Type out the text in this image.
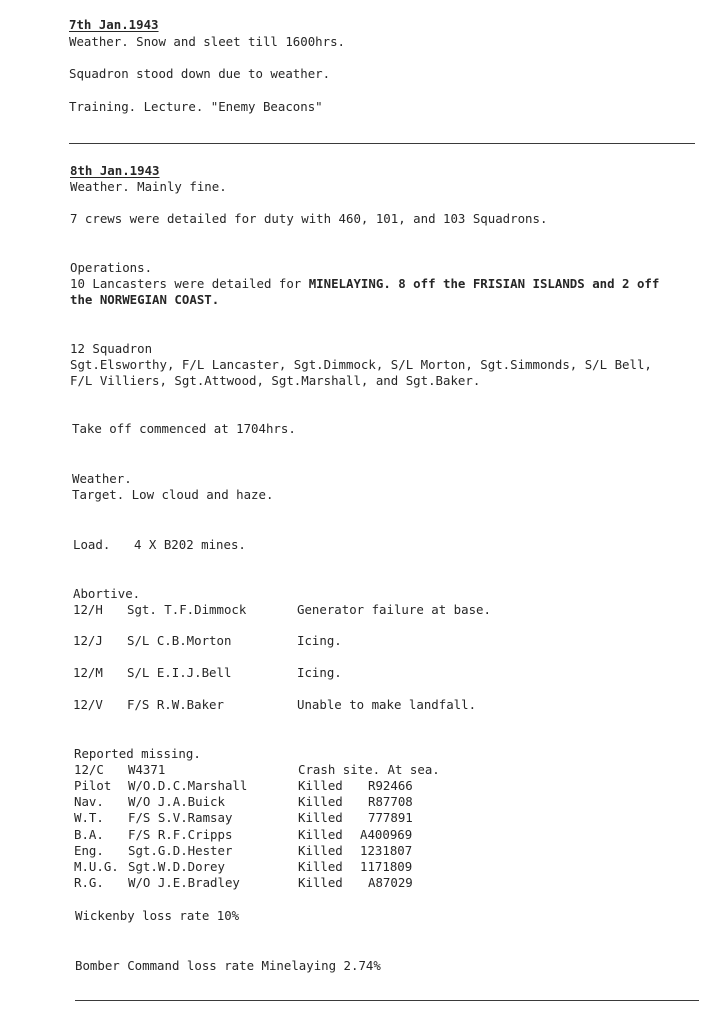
7th Jan.1943
Weather. Snow and sleet till 1600hrs.
Squadron stood down due to weather.
Training. Lecture. "Enemy Beacons"
8th Jan.1943
Weather. Mainly fine.
7 crews were detailed for duty with 460, 101, and 103 Squadrons.
Operations.
10 Lancasters were detailed for MINELAYING. 8 off the FRISIAN ISLANDS and 2 off
the NORWEGIAN COAST.
12 Squadron
Sgt.Elsworthy, F/L Lancaster, Sgt.Dimmock, S/L Morton, Sgt.Simmonds, S/L Bell,
F/L Villiers, Sgt.Attwood, Sgt.Marshall, and Sgt.Baker.
Take off commenced at 1704hrs.
Weather.
Target. Low cloud and haze.
Load. 4 X B202 mines.
Abortive.
12/H Sgt. T.F.Dimmock	Generator failure at base.
12/J S/L C.B.Morton	Icing.
12/M S/L E.I.J.Bell	Icing.
12/V F/S R.W.Baker	Unable to make landfall.
Reported missing.
12/C W4371	Crash site. At sea.
Pilot W/O.D.C.Marshall	Killed R92466
Nav. W/O J.A.Buick	Killed R87708
W.T. F/S S.V.Ramsay	Killed 777891
B.A. F/S R.F.Cripps	Killed A400969
Eng. Sgt.G.D.Hester	Killed 1231807
M.U.G. Sgt.W.D.Dorey	Killed 1171809
R.G. W/O J.E.Bradley	Killed A87029
Wickenby loss rate 10%
Bomber Command loss rate Minelaying 2.74%
